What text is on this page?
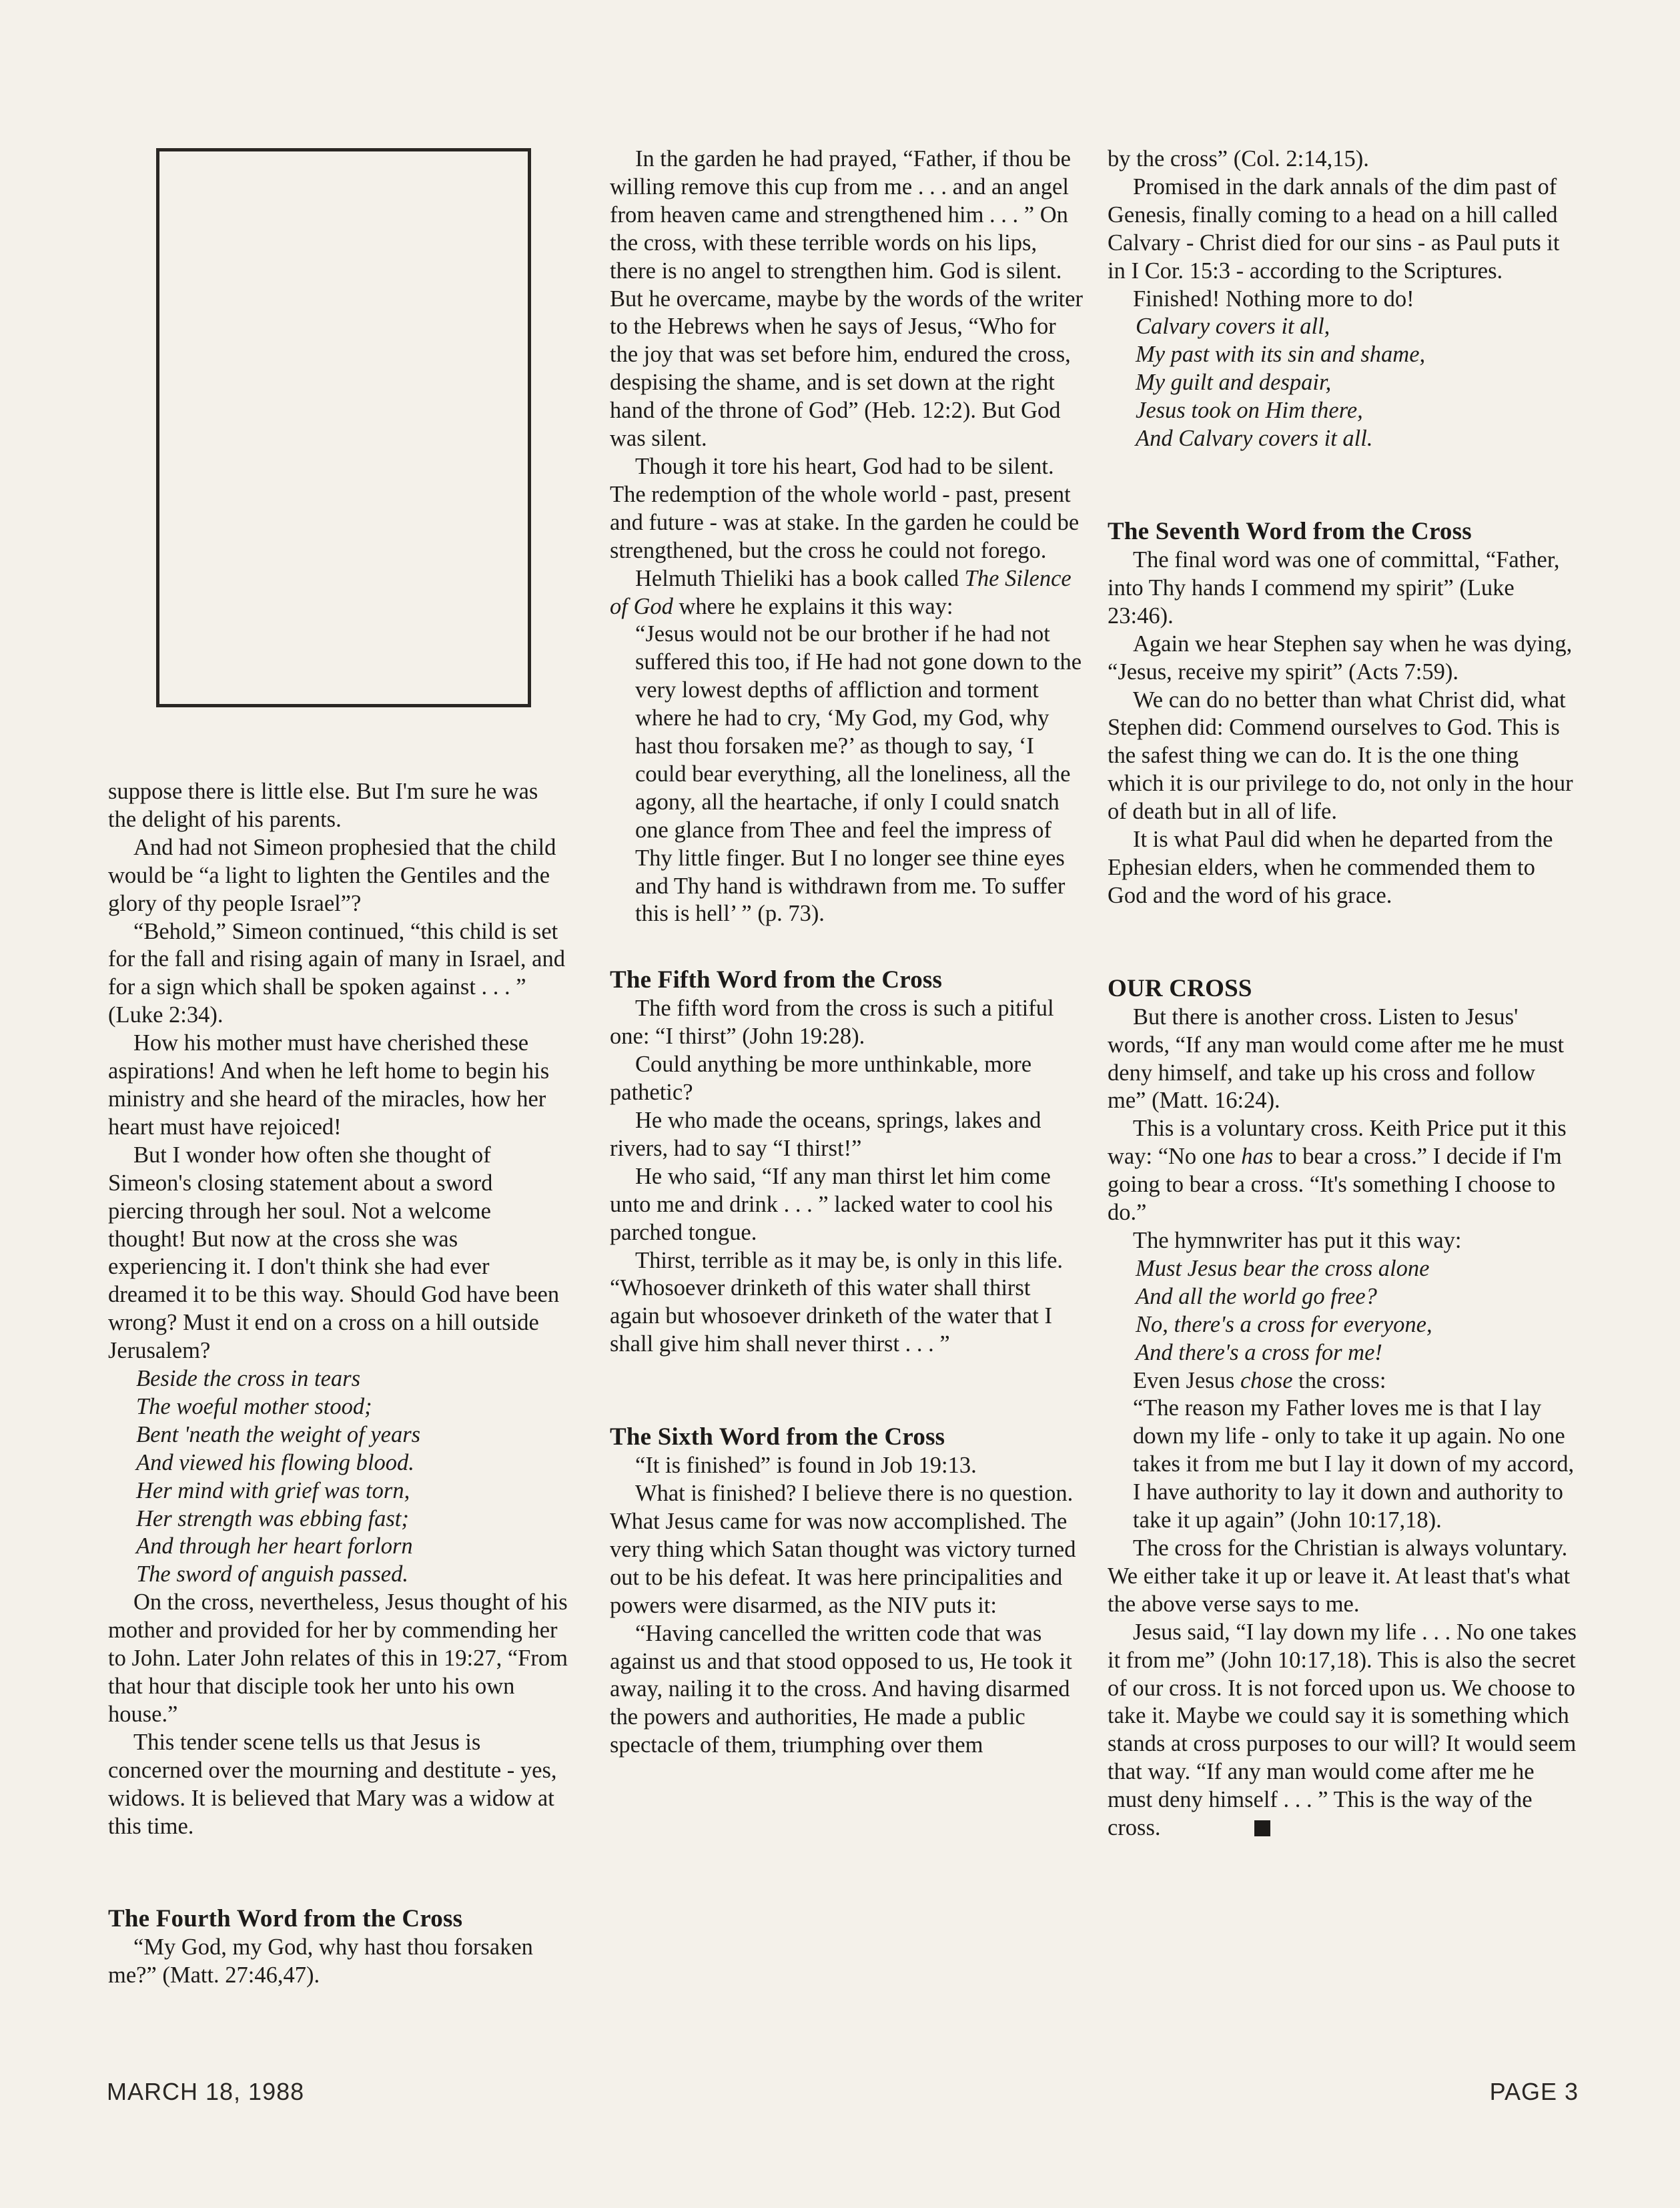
suppose there is little else. But I'm sure he was the delight of his parents.

And had not Simeon prophesied that the child would be “a light to lighten the Gentiles and the glory of thy people Israel”?

“Behold,” Simeon continued, “this child is set for the fall and rising again of many in Israel, and for a sign which shall be spoken against . . . ” (Luke 2:34).

How his mother must have cherished these aspirations! And when he left home to begin his ministry and she heard of the miracles, how her heart must have rejoiced!

But I wonder how often she thought of Simeon's closing statement about a sword piercing through her soul. Not a welcome thought! But now at the cross she was experiencing it. I don't think she had ever dreamed it to be this way. Should God have been wrong? Must it end on a cross on a hill outside Jerusalem?

Beside the cross in tears
The woeful mother stood;
Bent 'neath the weight of years
And viewed his flowing blood.
Her mind with grief was torn,
Her strength was ebbing fast;
And through her heart forlorn
The sword of anguish passed.

On the cross, nevertheless, Jesus thought of his mother and provided for her by commending her to John. Later John relates of this in 19:27, “From that hour that disciple took her unto his own house.”

This tender scene tells us that Jesus is concerned over the mourning and destitute - yes, widows. It is believed that Mary was a widow at this time.

The Fourth Word from the Cross

“My God, my God, why hast thou forsaken me?” (Matt. 27:46,47).

In the garden he had prayed, “Father, if thou be willing remove this cup from me . . . and an angel from heaven came and strengthened him . . . ” On the cross, with these terrible words on his lips, there is no angel to strengthen him. God is silent. But he overcame, maybe by the words of the writer to the Hebrews when he says of Jesus, “Who for the joy that was set before him, endured the cross, despising the shame, and is set down at the right hand of the throne of God” (Heb. 12:2). But God was silent.

Though it tore his heart, God had to be silent. The redemption of the whole world - past, present and future - was at stake. In the garden he could be strengthened, but the cross he could not forego.

Helmuth Thieliki has a book called The Silence of God where he explains it this way:

“Jesus would not be our brother if he had not suffered this too, if He had not gone down to the very lowest depths of affliction and torment where he had to cry, ‘My God, my God, why hast thou forsaken me?’ as though to say, ‘I could bear everything, all the loneliness, all the agony, all the heartache, if only I could snatch one glance from Thee and feel the impress of Thy little finger. But I no longer see thine eyes and Thy hand is withdrawn from me. To suffer this is hell’ ” (p. 73).

The Fifth Word from the Cross

The fifth word from the cross is such a pitiful one: “I thirst” (John 19:28).

Could anything be more unthinkable, more pathetic?

He who made the oceans, springs, lakes and rivers, had to say “I thirst!”

He who said, “If any man thirst let him come unto me and drink . . . ” lacked water to cool his parched tongue.

Thirst, terrible as it may be, is only in this life. “Whosoever drinketh of this water shall thirst again but whosoever drinketh of the water that I shall give him shall never thirst . . . ”

The Sixth Word from the Cross

“It is finished” is found in Job 19:13.

What is finished? I believe there is no question. What Jesus came for was now accomplished. The very thing which Satan thought was victory turned out to be his defeat. It was here principalities and powers were disarmed, as the NIV puts it:

“Having cancelled the written code that was against us and that stood opposed to us, He took it away, nailing it to the cross. And having disarmed the powers and authorities, He made a public spectacle of them, triumphing over them

by the cross” (Col. 2:14,15).

Promised in the dark annals of the dim past of Genesis, finally coming to a head on a hill called Calvary - Christ died for our sins - as Paul puts it in I Cor. 15:3 - according to the Scriptures.

Finished! Nothing more to do!

Calvary covers it all,
My past with its sin and shame,
My guilt and despair,
Jesus took on Him there,
And Calvary covers it all.
The Seventh Word from the Cross

The final word was one of committal, “Father, into Thy hands I commend my spirit” (Luke 23:46).

Again we hear Stephen say when he was dying, “Jesus, receive my spirit” (Acts 7:59).

We can do no better than what Christ did, what Stephen did: Commend ourselves to God. This is the safest thing we can do. It is the one thing which it is our privilege to do, not only in the hour of death but in all of life.

It is what Paul did when he departed from the Ephesian elders, when he commended them to God and the word of his grace.

OUR CROSS

But there is another cross. Listen to Jesus' words, “If any man would come after me he must deny himself, and take up his cross and follow me” (Matt. 16:24).

This is a voluntary cross. Keith Price put it this way: “No one has to bear a cross.” I decide if I'm going to bear a cross. “It's something I choose to do.”

The hymnwriter has put it this way:

Must Jesus bear the cross alone
And all the world go free?
No, there's a cross for everyone,
And there's a cross for me!

Even Jesus chose the cross:

“The reason my Father loves me is that I lay down my life - only to take it up again. No one takes it from me but I lay it down of my accord, I have authority to lay it down and authority to take it up again” (John 10:17,18).

The cross for the Christian is always voluntary. We either take it up or leave it. At least that's what the above verse says to me.

Jesus said, “I lay down my life . . . No one takes it from me” (John 10:17,18). This is also the secret of our cross. It is not forced upon us. We choose to take it. Maybe we could say it is something which stands at cross purposes to our will? It would seem that way. “If any man would come after me he must deny himself . . . ” This is the way of the cross.

MARCH 18, 1988	PAGE 3
